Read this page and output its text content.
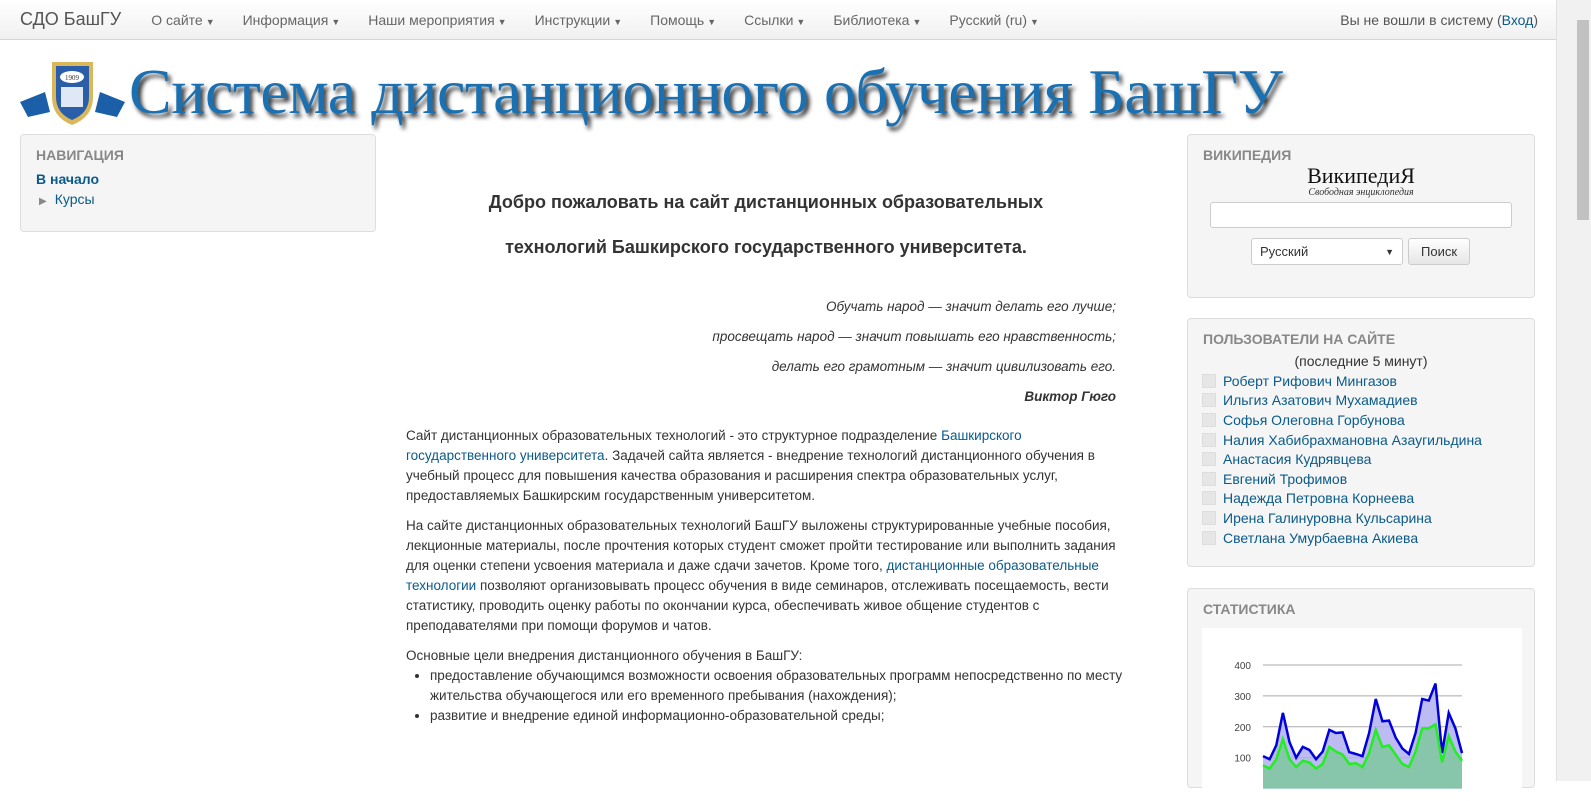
СДО БашГУ	О сайте ▼	Информация ▼	Наши мероприятия ▼	Инструкции ▼	Помощь ▼	Ссылки ▼	Библиотека ▼	Русский (ru) ▼	Вы не вошли в систему (Вход)
1909 Система дистанционного обучения БашГУ
НАВИГАЦИЯ
В начало
▶ Курсы	Добро пожаловать на сайт дистанционных образовательных технологий Башкирского государственного университета.
Обучать народ — значит делать его лучше;
просвещать народ — значит повышать его нравственность;
делать его грамотным — значит цивилизовать его.
Виктор Гюго

Сайт дистанционных образовательных технологий - это структурное подразделение Башкирского государственного университета. Задачей сайта является - внедрение технологий дистанционного обучения в учебный процесс для повышения качества образования и расширения спектра образовательных услуг, предоставляемых Башкирским государственным университетом.

На сайте дистанционных образовательных технологий БашГУ выложены структурированные учебные пособия, лекционные материалы, после прочтения которых студент сможет пройти тестирование или выполнить задания для оценки степени усвоения материала и даже сдачи зачетов. Кроме того, дистанционные образовательные технологии позволяют организовывать процесс обучения в виде семинаров, отслеживать посещаемость, вести статистику, проводить оценку работы по окончании курса, обеспечивать живое общение студентов с преподавателями при помощи форумов и чатов.

Основные цели внедрения дистанционного обучения в БашГУ:
• предоставление обучающимся возможности освоения образовательных программ непосредственно по месту жительства обучающегося или его временного пребывания (нахождения);
• развитие и внедрение единой информационно-образовательной среды;
ВИКИПЕДИЯ
ВикипедиЯ
Свободная энциклопедия
Русский	▼	Поиск
ПОЛЬЗОВАТЕЛИ НА САЙТЕ
(последние 5 минут)
Роберт Рифович Мингазов
Ильгиз Азатович Мухамадиев
Софья Олеговна Горбунова
Налия Хабибрахмановна Азаугильдина
Анастасия Кудрявцева
Евгений Трофимов
Надежда Петровна Корнеева
Ирена Галинуровна Кульсарина
Светлана Умурбаевна Акиева
СТАТИСТИКА
100
200
300
400
